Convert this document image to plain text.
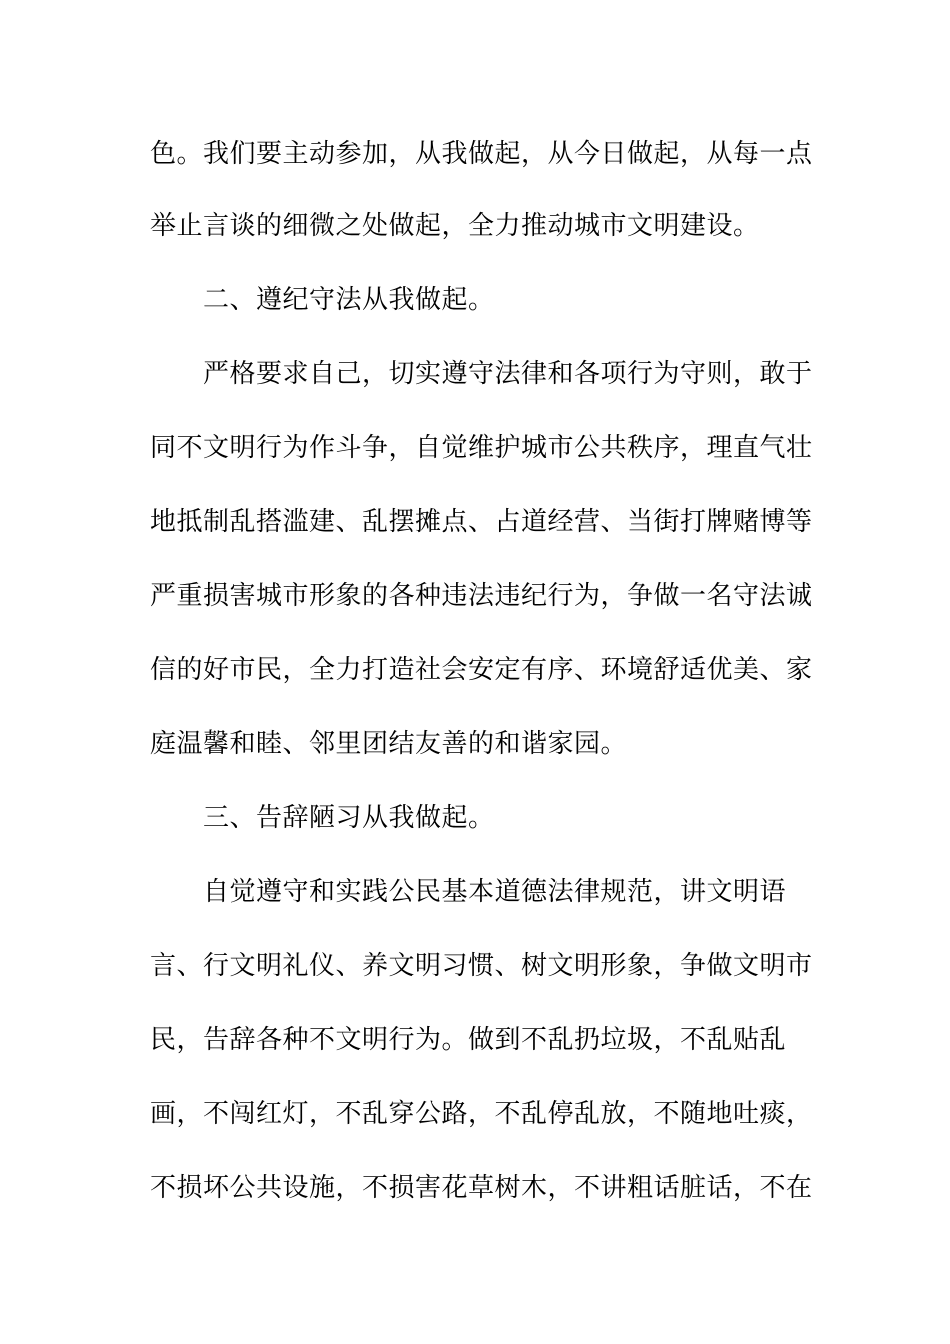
色。我们要主动参加，从我做起，从今日做起，从每一点
举止言谈的细微之处做起，全力推动城市文明建设。
二、遵纪守法从我做起。
严格要求自己，切实遵守法律和各项行为守则，敢于
同不文明行为作斗争，自觉维护城市公共秩序，理直气壮
地抵制乱搭滥建、乱摆摊点、占道经营、当街打牌赌博等
严重损害城市形象的各种违法违纪行为，争做一名守法诚
信的好市民，全力打造社会安定有序、环境舒适优美、家
庭温馨和睦、邻里团结友善的和谐家园。
三、告辞陋习从我做起。
自觉遵守和实践公民基本道德法律规范，讲文明语
言、行文明礼仪、养文明习惯、树文明形象，争做文明市
民，告辞各种不文明行为。做到不乱扔垃圾，不乱贴乱
画，不闯红灯，不乱穿公路，不乱停乱放，不随地吐痰，
不损坏公共设施，不损害花草树木，不讲粗话脏话，不在
